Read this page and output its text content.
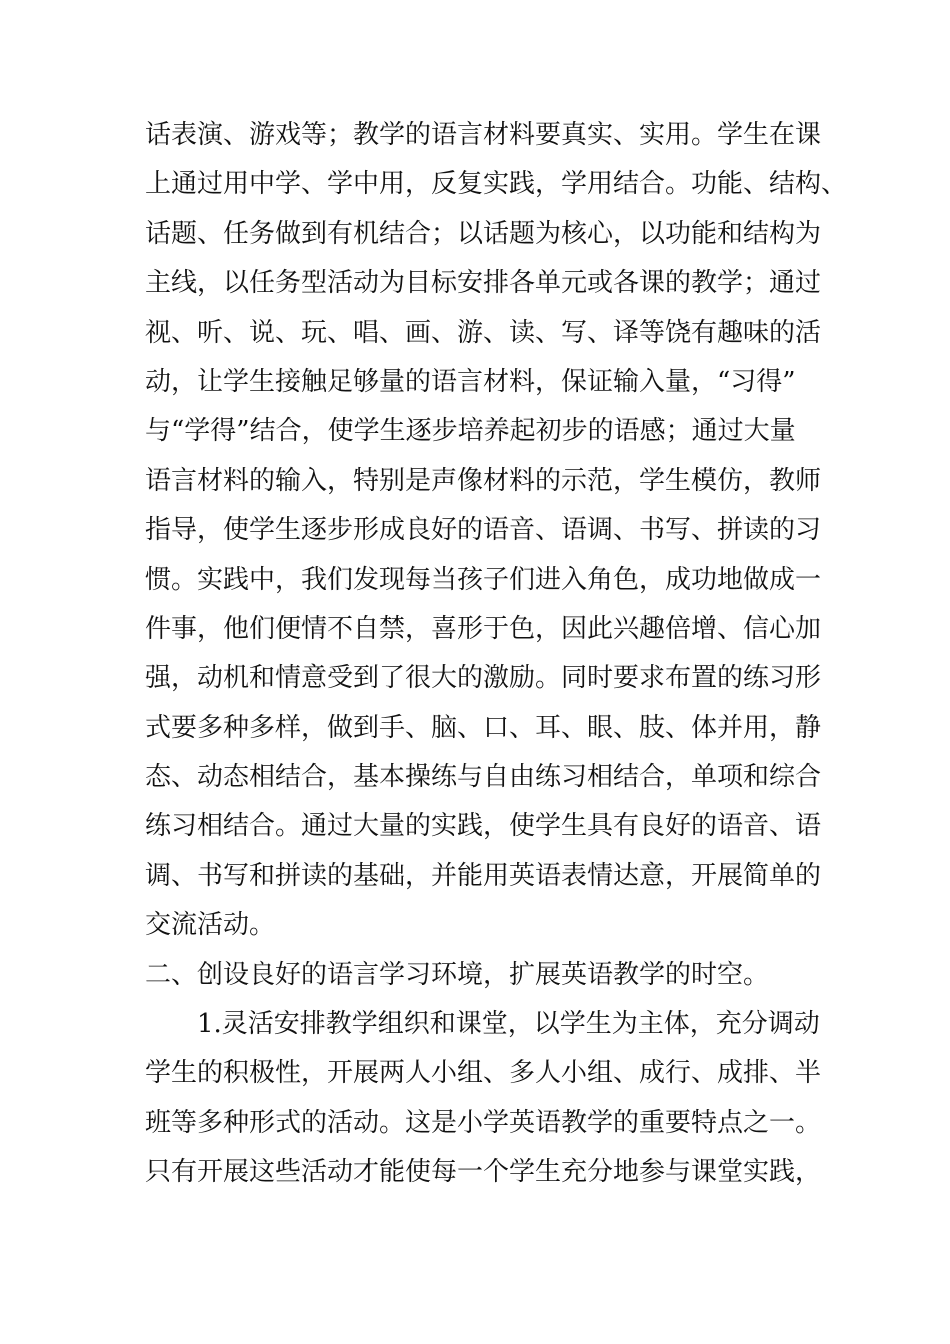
话表演、游戏等；教学的语言材料要真实、实用。学生在课
上通过用中学、学中用，反复实践，学用结合。功能、结构、
话题、任务做到有机结合；以话题为核心，以功能和结构为
主线，以任务型活动为目标安排各单元或各课的教学；通过
视、听、说、玩、唱、画、游、读、写、译等饶有趣味的活
动，让学生接触足够量的语言材料，保证输入量，“习得”
与“学得”结合，使学生逐步培养起初步的语感；通过大量
语言材料的输入，特别是声像材料的示范，学生模仿，教师
指导，使学生逐步形成良好的语音、语调、书写、拼读的习
惯。实践中，我们发现每当孩子们进入角色，成功地做成一
件事，他们便情不自禁，喜形于色，因此兴趣倍增、信心加
强，动机和情意受到了很大的激励。同时要求布置的练习形
式要多种多样，做到手、脑、口、耳、眼、肢、体并用，静
态、动态相结合，基本操练与自由练习相结合，单项和综合
练习相结合。通过大量的实践，使学生具有良好的语音、语
调、书写和拼读的基础，并能用英语表情达意，开展简单的
交流活动。
二、创设良好的语言学习环境，扩展英语教学的时空。
1.灵活安排教学组织和课堂，以学生为主体，充分调动
学生的积极性，开展两人小组、多人小组、成行、成排、半
班等多种形式的活动。这是小学英语教学的重要特点之一。
只有开展这些活动才能使每一个学生充分地参与课堂实践，
